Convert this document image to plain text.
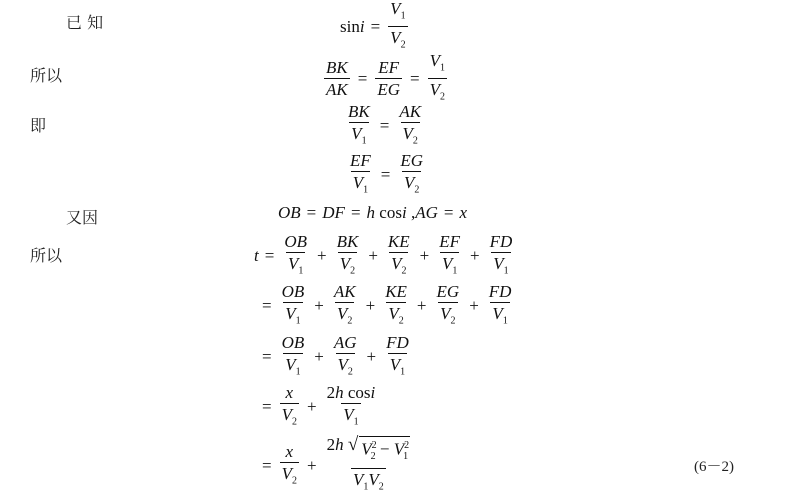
已 知
所以
即
又因
所以
$\sin i = \frac{V_1}{V_2}$
$\frac{BK}{AK} = \frac{EF}{EG} = \frac{V_1}{V_2}$
$\frac{BK}{V_1} = \frac{AK}{V_2}$
$\frac{EF}{V_1} = \frac{EG}{V_2}$
OB = DF = h cosi , AG = x
$t = \frac{OB}{V_1} + \frac{BK}{V_2} + \frac{KE}{V_2} + \frac{EF}{V_1} + \frac{FD}{V_1}$
= $\frac{OB}{V_1} + \frac{AK}{V_2} + \frac{KE}{V_2} + \frac{EG}{V_2} + \frac{FD}{V_1}$
= $\frac{OB}{V_1} + \frac{AG}{V_2} + \frac{FD}{V_1}$
= $\frac{x}{V_2} + \frac{\text{2h cosi}}{V_1}$
= $\frac{x}{V_2} + \frac{2h √ V^2_2 - V^2_1}{V_1V_2}$	(6－2)
